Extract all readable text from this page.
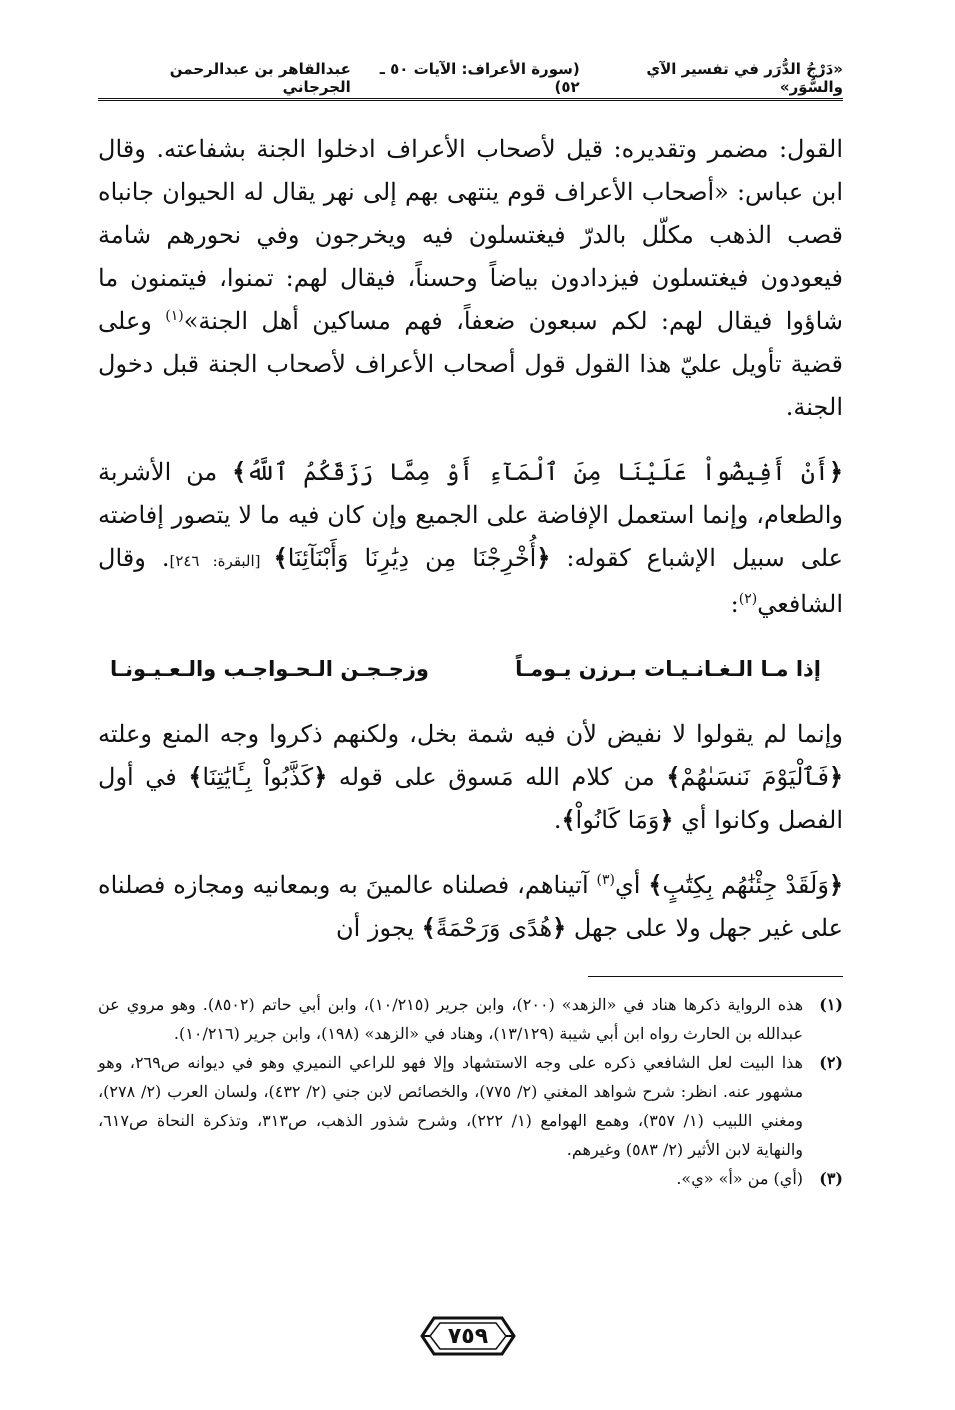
«دَرْجُ الدُّرَر في تفسير الآي والسُّوَر»
(سورة الأعراف: الآيات ٥٠ ـ ٥٢)
عبدالقاهر بن عبدالرحمن الجرجاني

القول: مضمر وتقديره: قيل لأصحاب الأعراف ادخلوا الجنة بشفاعته. وقال ابن عباس: «أصحاب الأعراف قوم ينتهى بهم إلى نهر يقال له الحيوان جانباه قصب الذهب مكلّل بالدرّ فيغتسلون فيه ويخرجون وفي نحورهم شامة فيعودون فيغتسلون فيزدادون بياضاً وحسناً، فيقال لهم: تمنوا، فيتمنون ما شاؤوا فيقال لهم: لكم سبعون ضعفاً، فهم مساكين أهل الجنة»$^{(١)}$ وعلى قضية تأويل عليّ هذا القول قول أصحاب الأعراف لأصحاب الجنة قبل دخول الجنة.

﴿أَنْ أَفِيضُواْ عَلَيْنَا مِنَ ٱلْمَآءِ أَوْ مِمَّا رَزَقَكُمُ ٱللَّهُ﴾ من الأشربة والطعام، وإنما استعمل الإفاضة على الجميع وإن كان فيه ما لا يتصور إفاضته على سبيل الإشباع كقوله: ﴿أُخْرِجْنَا مِن دِيَٰرِنَا وَأَبْنَآئِنَا﴾ [البقرة: ٢٤٦]. وقال الشافعي$^{(٢)}$:

إذا مـا الـغـانـيـات بـرزن يـومـاً
وزجـجـن الـحـواجـب والـعـيـونـا

وإنما لم يقولوا لا نفيض لأن فيه شمة بخل، ولكنهم ذكروا وجه المنع وعلته ﴿فَٱلْيَوْمَ نَنسَىٰهُمْ﴾ من كلام الله مَسوق على قوله ﴿كَذَّبُواْ بِـَٔايَٰتِنَا﴾ في أول الفصل وكانوا أي ﴿وَمَا كَانُواْ﴾.

﴿وَلَقَدْ جِئْنَٰهُم بِكِتَٰبٍ﴾ أي$^{(٣)}$ آتيناهم، فصلناه عالمينَ به وبمعانيه ومجازه فصلناه على غير جهل ولا على جهل ﴿هُدًى وَرَحْمَةً﴾ يجوز أن

(١)
هذه الرواية ذكرها هناد في «الزهد» (٢٠٠)، وابن جرير (١٠/٢١٥)، وابن أبي حاتم (٨٥٠٢). وهو مروي عن عبدالله بن الحارث رواه ابن أبي شيبة (١٣/١٢٩)، وهناد في «الزهد» (١٩٨)، وابن جرير (١٠/٢١٦).
(٢)
هذا البيت لعل الشافعي ذكره على وجه الاستشهاد وإلا فهو للراعي النميري وهو في ديوانه ص٢٦٩، وهو مشهور عنه. انظر: شرح شواهد المغني (٢/ ٧٧٥)، والخصائص لابن جني (٢/ ٤٣٢)، ولسان العرب (٢/ ٢٧٨)، ومغني اللبيب (١/ ٣٥٧)، وهمع الهوامع (١/ ٢٢٢)، وشرح شذور الذهب، ص٣١٣، وتذكرة النحاة ص٦١٧، والنهاية لابن الأثير (٢/ ٥٨٣) وغيرهم.
(٣)
(أي) من «أ» «ي».
٧٥٩
